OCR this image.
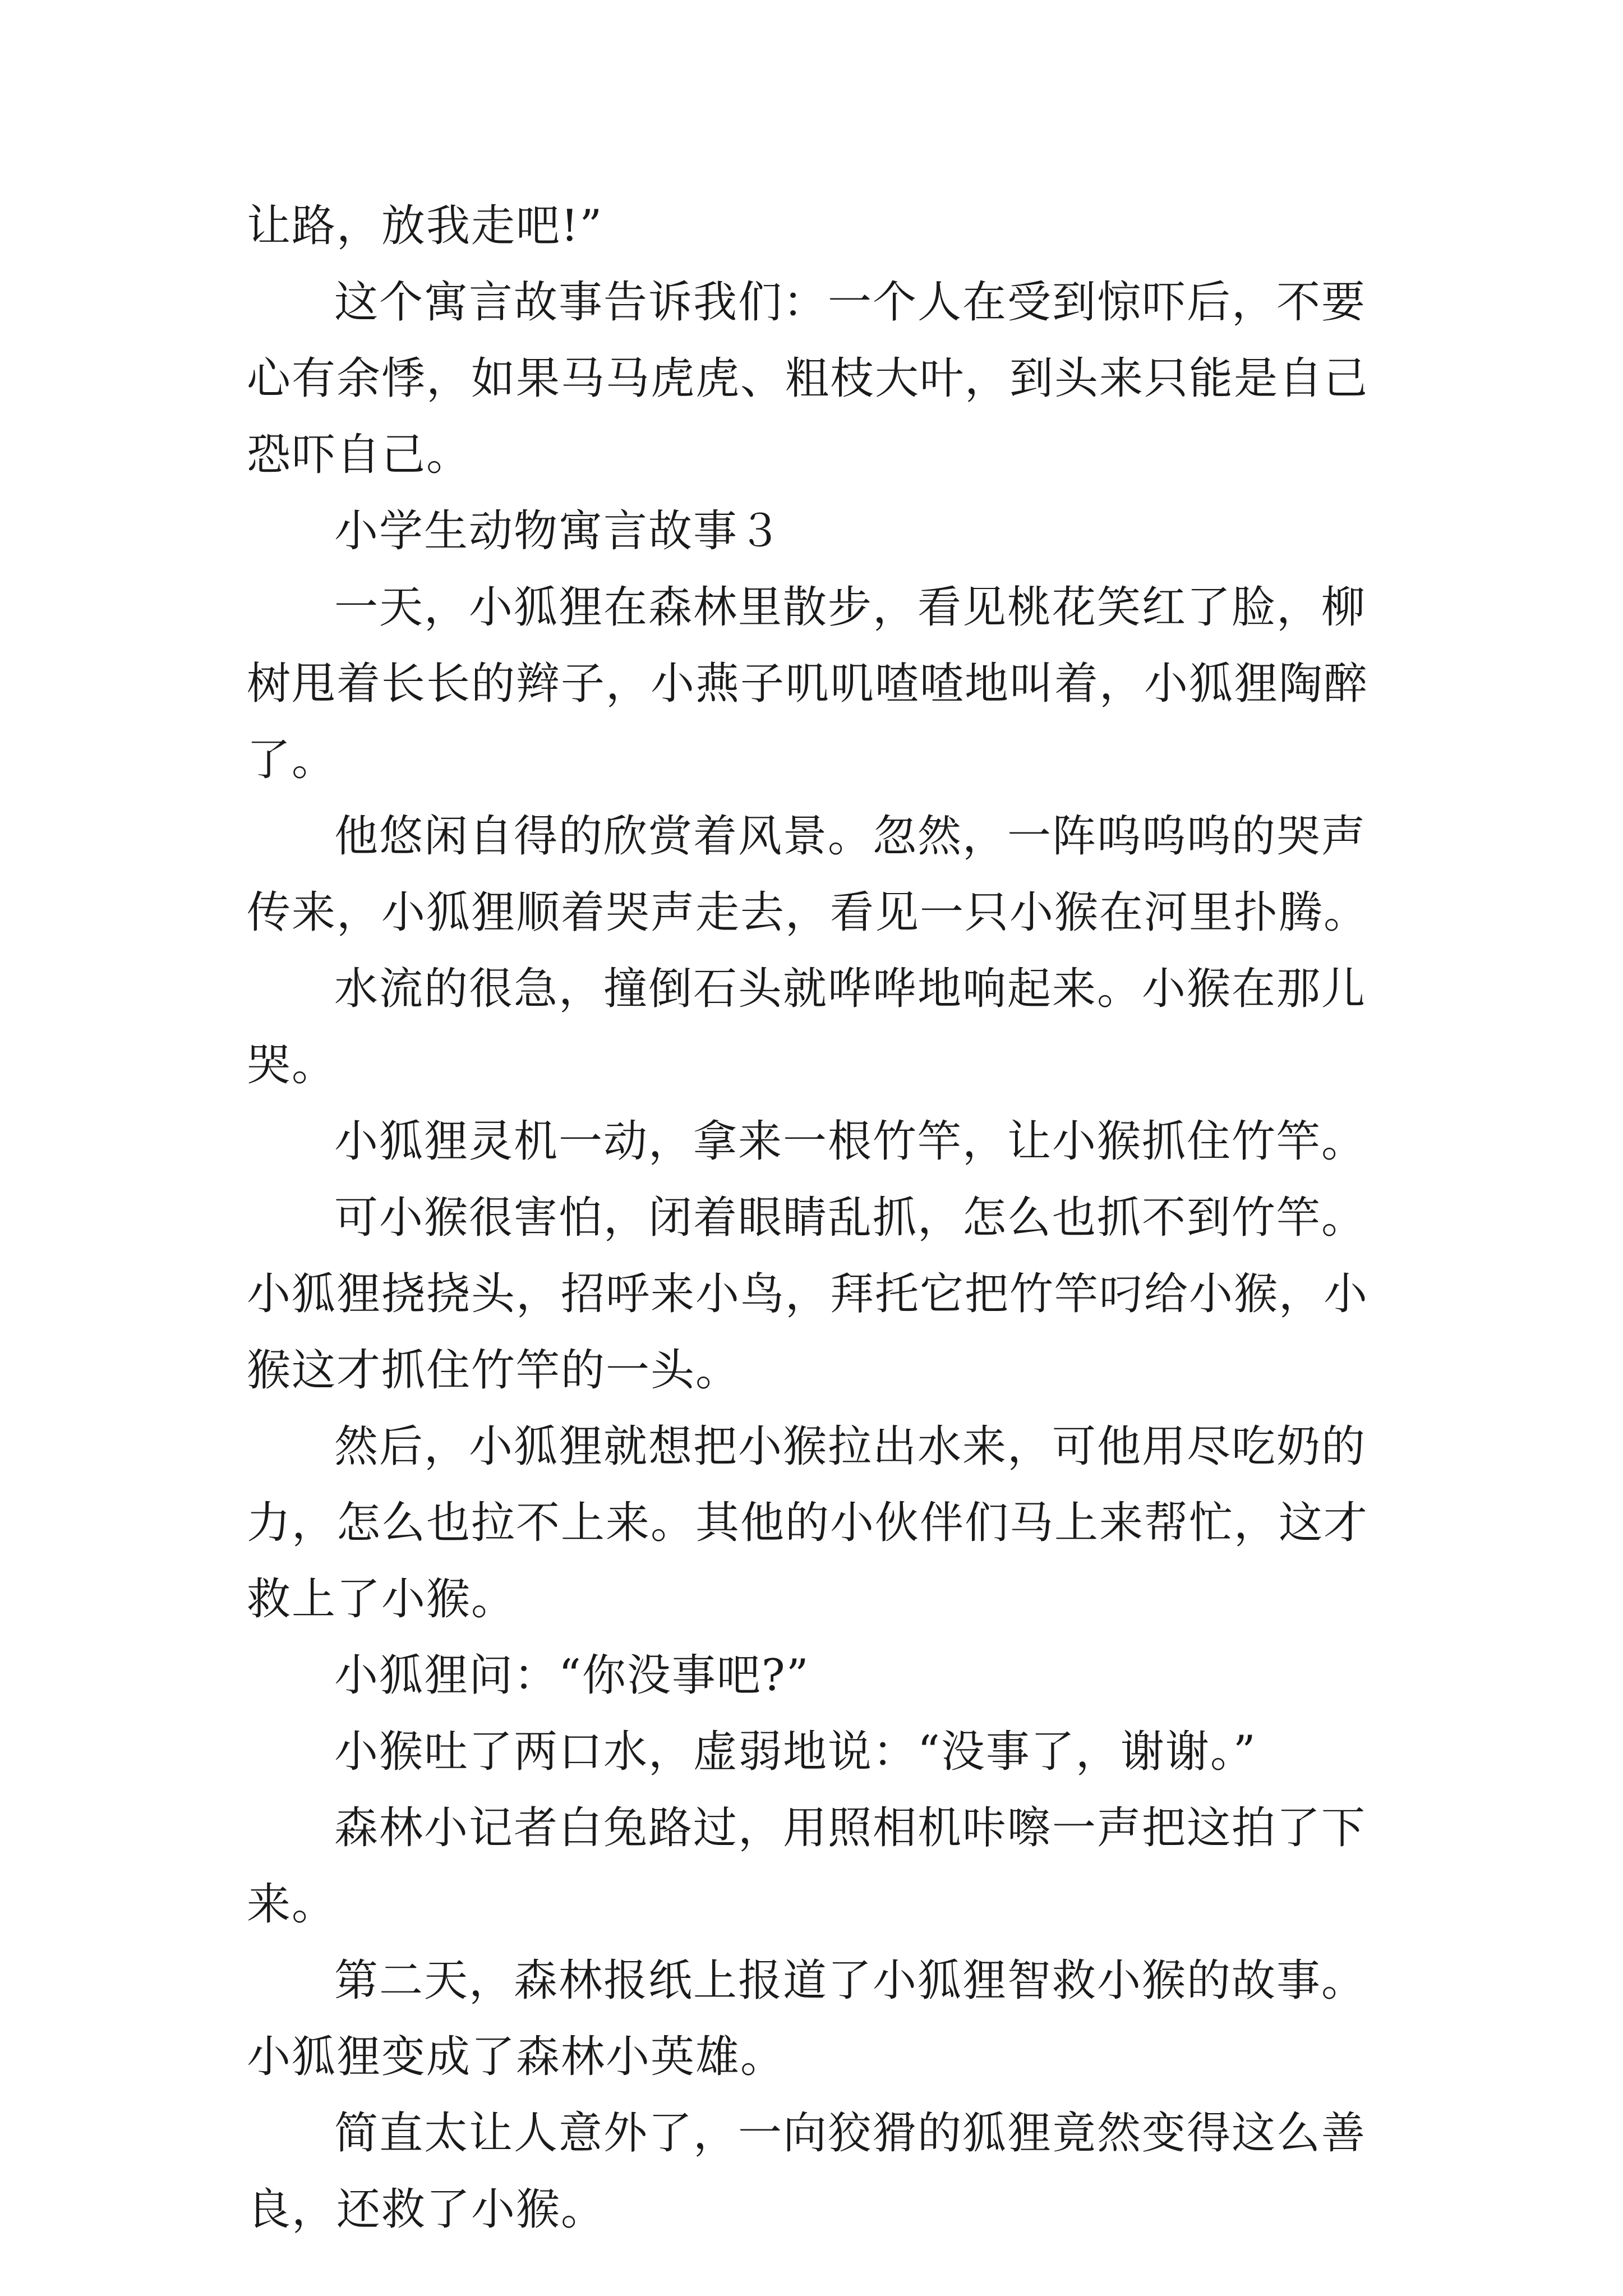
让路，放我走吧!”

这个寓言故事告诉我们：一个人在受到惊吓后，不要心有余悸，如果马马虎虎、粗枝大叶，到头来只能是自己恐吓自己。

小学生动物寓言故事３

一天，小狐狸在森林里散步，看见桃花笑红了脸，柳树甩着长长的辫子，小燕子叽叽喳喳地叫着，小狐狸陶醉了。

他悠闲自得的欣赏着风景。忽然，一阵呜呜呜的哭声传来，小狐狸顺着哭声走去，看见一只小猴在河里扑腾。

水流的很急，撞倒石头就哗哗地响起来。小猴在那儿哭。

小狐狸灵机一动，拿来一根竹竿，让小猴抓住竹竿。

可小猴很害怕，闭着眼睛乱抓，怎么也抓不到竹竿。小狐狸挠挠头，招呼来小鸟，拜托它把竹竿叼给小猴，小猴这才抓住竹竿的一头。

然后，小狐狸就想把小猴拉出水来，可他用尽吃奶的力，怎么也拉不上来。其他的小伙伴们马上来帮忙，这才救上了小猴。

小狐狸问：“你没事吧?”

小猴吐了两口水，虚弱地说：“没事了，谢谢。”

森林小记者白兔路过，用照相机咔嚓一声把这拍了下来。

第二天，森林报纸上报道了小狐狸智救小猴的故事。小狐狸变成了森林小英雄。

简直太让人意外了，一向狡猾的狐狸竟然变得这么善良，还救了小猴。
